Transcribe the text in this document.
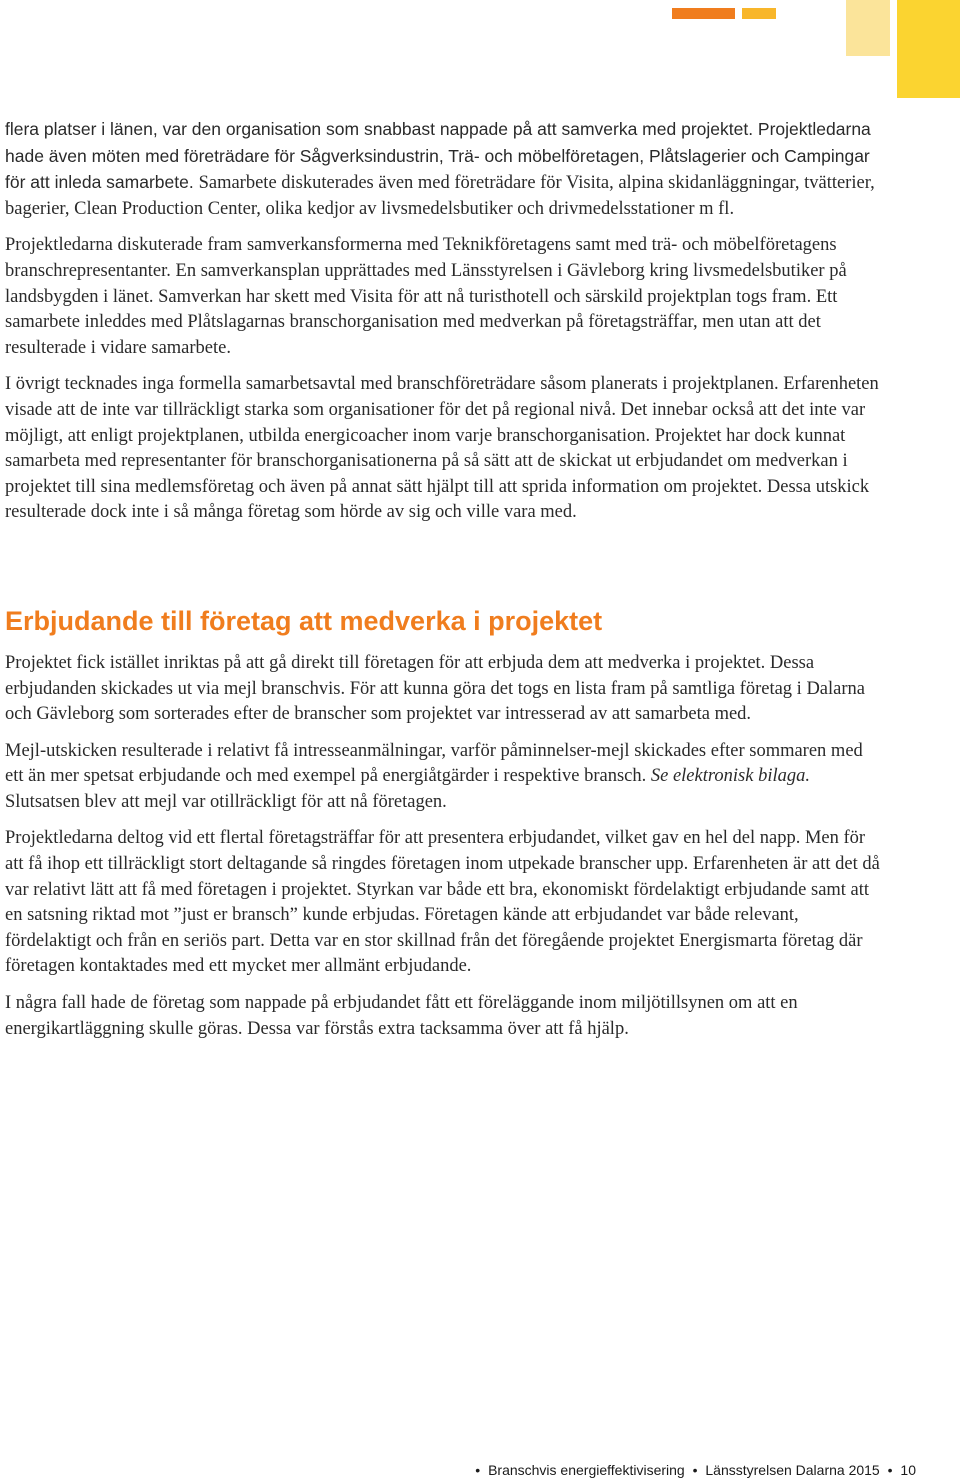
flera platser i länen, var den organisation som snabbast nappade på att samverka med projektet. Projektledarna hade även möten med företrädare för Sågverksindustrin, Trä- och möbelföretagen, Plåtslagerier och Campingar för att inleda samarbete. Samarbete diskuterades även med företrädare för Visita, alpina skidanläggningar, tvätterier, bagerier, Clean Production Center, olika kedjor av livsmedelsbutiker och drivmedelsstationer m fl.

Projektledarna diskuterade fram samverkansformerna med Teknikföretagens samt med trä- och möbelföretagens branschrepresentanter. En samverkansplan upprättades med Länsstyrelsen i Gävleborg kring livsmedelsbutiker på landsbygden i länet. Samverkan har skett med Visita för att nå turisthotell och särskild projektplan togs fram. Ett samarbete inleddes med Plåtslagarnas branschorganisation med medverkan på företagsträffar, men utan att det resulterade i vidare samarbete.

I övrigt tecknades inga formella samarbetsavtal med branschföreträdare såsom planerats i projektplanen. Erfarenheten visade att de inte var tillräckligt starka som organisationer för det på regional nivå. Det innebar också att det inte var möjligt, att enligt projektplanen, utbilda energicoacher inom varje branschorganisation. Projektet har dock kunnat samarbeta med representanter för branschorganisationerna på så sätt att de skickat ut erbjudandet om medverkan i projektet till sina medlemsföretag och även på annat sätt hjälpt till att sprida information om projektet. Dessa utskick resulterade dock inte i så många företag som hörde av sig och ville vara med.

Erbjudande till företag att medverka i projektet

Projektet fick istället inriktas på att gå direkt till företagen för att erbjuda dem att medverka i projektet. Dessa erbjudanden skickades ut via mejl branschvis. För att kunna göra det togs en lista fram på samtliga företag i Dalarna och Gävleborg som sorterades efter de branscher som projektet var intresserad av att samarbeta med.

Mejl-utskicken resulterade i relativt få intresseanmälningar, varför påminnelser-mejl skickades efter sommaren med ett än mer spetsat erbjudande och med exempel på energiåtgärder i respektive bransch. Se elektronisk bilaga. Slutsatsen blev att mejl var otillräckligt för att nå företagen.

Projektledarna deltog vid ett flertal företagsträffar för att presentera erbjudandet, vilket gav en hel del napp. Men för att få ihop ett tillräckligt stort deltagande så ringdes företagen inom utpekade branscher upp. Erfarenheten är att det då var relativt lätt att få med företagen i projektet. Styrkan var både ett bra, ekonomiskt fördelaktigt erbjudande samt att en satsning riktad mot ”just er bransch” kunde erbjudas. Företagen kände att erbjudandet var både relevant, fördelaktigt och från en seriös part. Detta var en stor skillnad från det föregående projektet Energismarta företag där företagen kontaktades med ett mycket mer allmänt erbjudande.

I några fall hade de företag som nappade på erbjudandet fått ett föreläggande inom miljötillsynen om att en energikartläggning skulle göras. Dessa var förstås extra tacksamma över att få hjälp.

• Branschvis energieffektivisering • Länsstyrelsen Dalarna 2015 • 10
